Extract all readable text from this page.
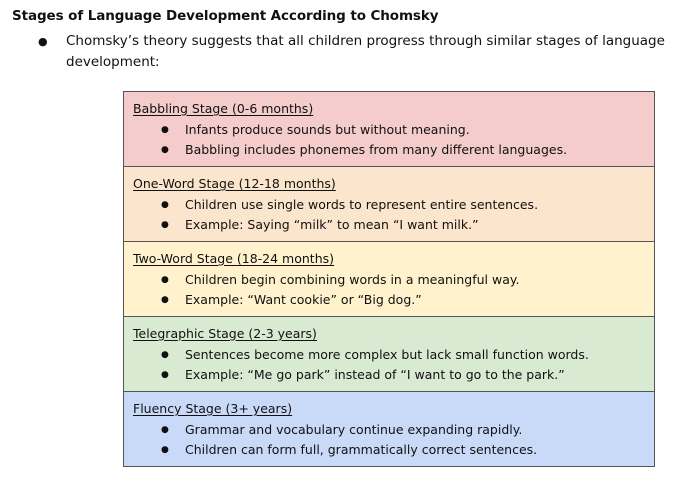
Stages of Language Development According to Chomsky
● Chomsky’s theory suggests that all children progress through similar stages of language development:
Babbling Stage (0-6 months)
● Infants produce sounds but without meaning.
● Babbling includes phonemes from many different languages.

One-Word Stage (12-18 months)
● Children use single words to represent entire sentences.
● Example: Saying “milk” to mean “I want milk.”

Two-Word Stage (18-24 months)
● Children begin combining words in a meaningful way.
● Example: “Want cookie” or “Big dog.”

Telegraphic Stage (2-3 years)
● Sentences become more complex but lack small function words.
● Example: “Me go park” instead of “I want to go to the park.”

Fluency Stage (3+ years)
● Grammar and vocabulary continue expanding rapidly.
● Children can form full, grammatically correct sentences.
